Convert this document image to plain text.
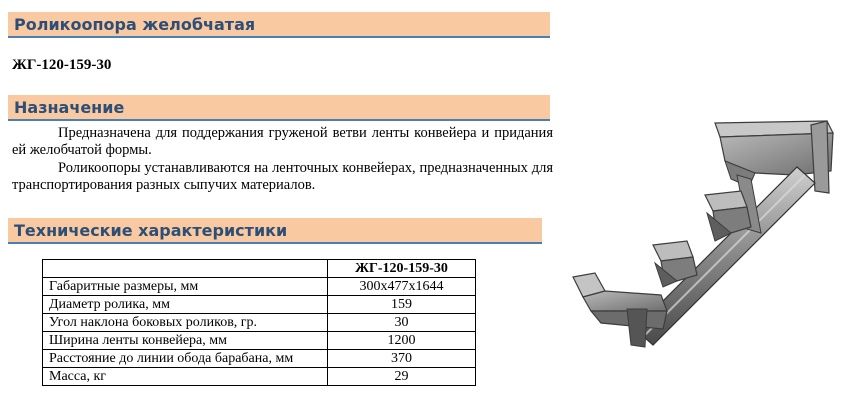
Роликоопора желобчатая
ЖГ-120-159-30
Назначение
Предназначена для поддержания груженой ветви ленты конвейера и придания ей желобчатой формы.
Роликоопоры устанавливаются на ленточных конвейерах, предназначенных для транспортирования разных сыпучих материалов.
Технические характеристики
	ЖГ-120-159-30
Габаритные размеры, мм	300x477x1644
Диаметр ролика, мм	159
Угол наклона боковых роликов, гр.	30
Ширина ленты конвейера, мм	1200
Расстояние до линии обода барабана, мм	370
Масса, кг	29
